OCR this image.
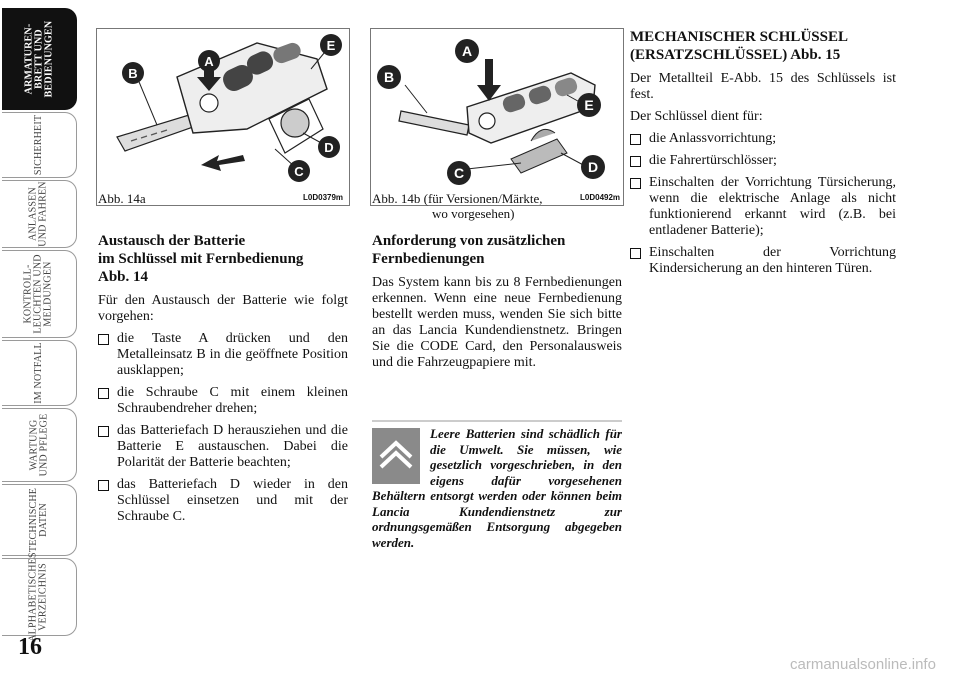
ARMATUREN-
BRETT UND
BEDIENUNGEN
SICHERHEIT
ANLASSEN
UND FAHREN
KONTROLL-
LEUCHTEN UND
MELDUNGEN
IM NOTFALL
WARTUNG
UND PFLEGE
TECHNISCHE
DATEN
ALPHABETISCHES
VERZEICHNIS
16
A
B
E
D
C
Abb. 14a	L0D0379m
A
B
E
C	D
Abb. 14b (für Versionen/Märkte,
wo vorgesehen)
L0D0492m
Austausch der Batterie
im Schlüssel mit Fernbedienung
Abb. 14
Für den Austausch der Batterie wie folgt vorgehen:
die Taste A drücken und den Metalleinsatz B in die geöffnete Position ausklappen;
die Schraube C mit einem kleinen Schraubendreher drehen;
das Batteriefach D herausziehen und die Batterie E austauschen. Dabei die Polarität der Batterie beachten;
das Batteriefach D wieder in den Schlüssel einsetzen und mit der Schraube C.
Anforderung von zusätzlichen
Fernbedienungen
Das System kann bis zu 8 Fernbedienungen erkennen. Wenn eine neue Fernbedienung bestellt werden muss, wenden Sie sich bitte an das Lancia Kundendienstnetz. Bringen Sie die CODE Card, den Personalausweis und die Fahrzeugpapiere mit.
Leere Batterien sind schädlich für die Umwelt. Sie müssen, wie gesetzlich vorgeschrieben, in den eigens dafür vorgesehenen Behältern entsorgt werden oder können beim Lancia Kundendienstnetz zur ordnungsgemäßen Entsorgung abgegeben werden.
MECHANISCHER SCHLÜSSEL
(ERSATZSCHLÜSSEL) Abb. 15
Der Metallteil E-Abb. 15 des Schlüssels ist fest.
Der Schlüssel dient für:
die Anlassvorrichtung;
die Fahrertürschlösser;
Einschalten der Vorrichtung Türsicherung, wenn die elektrische Anlage als nicht funktionierend erkannt wird (z.B. bei entladener Batterie);
Einschalten der Vorrichtung Kindersicherung an den hinteren Türen.
carmanualsonline.info
